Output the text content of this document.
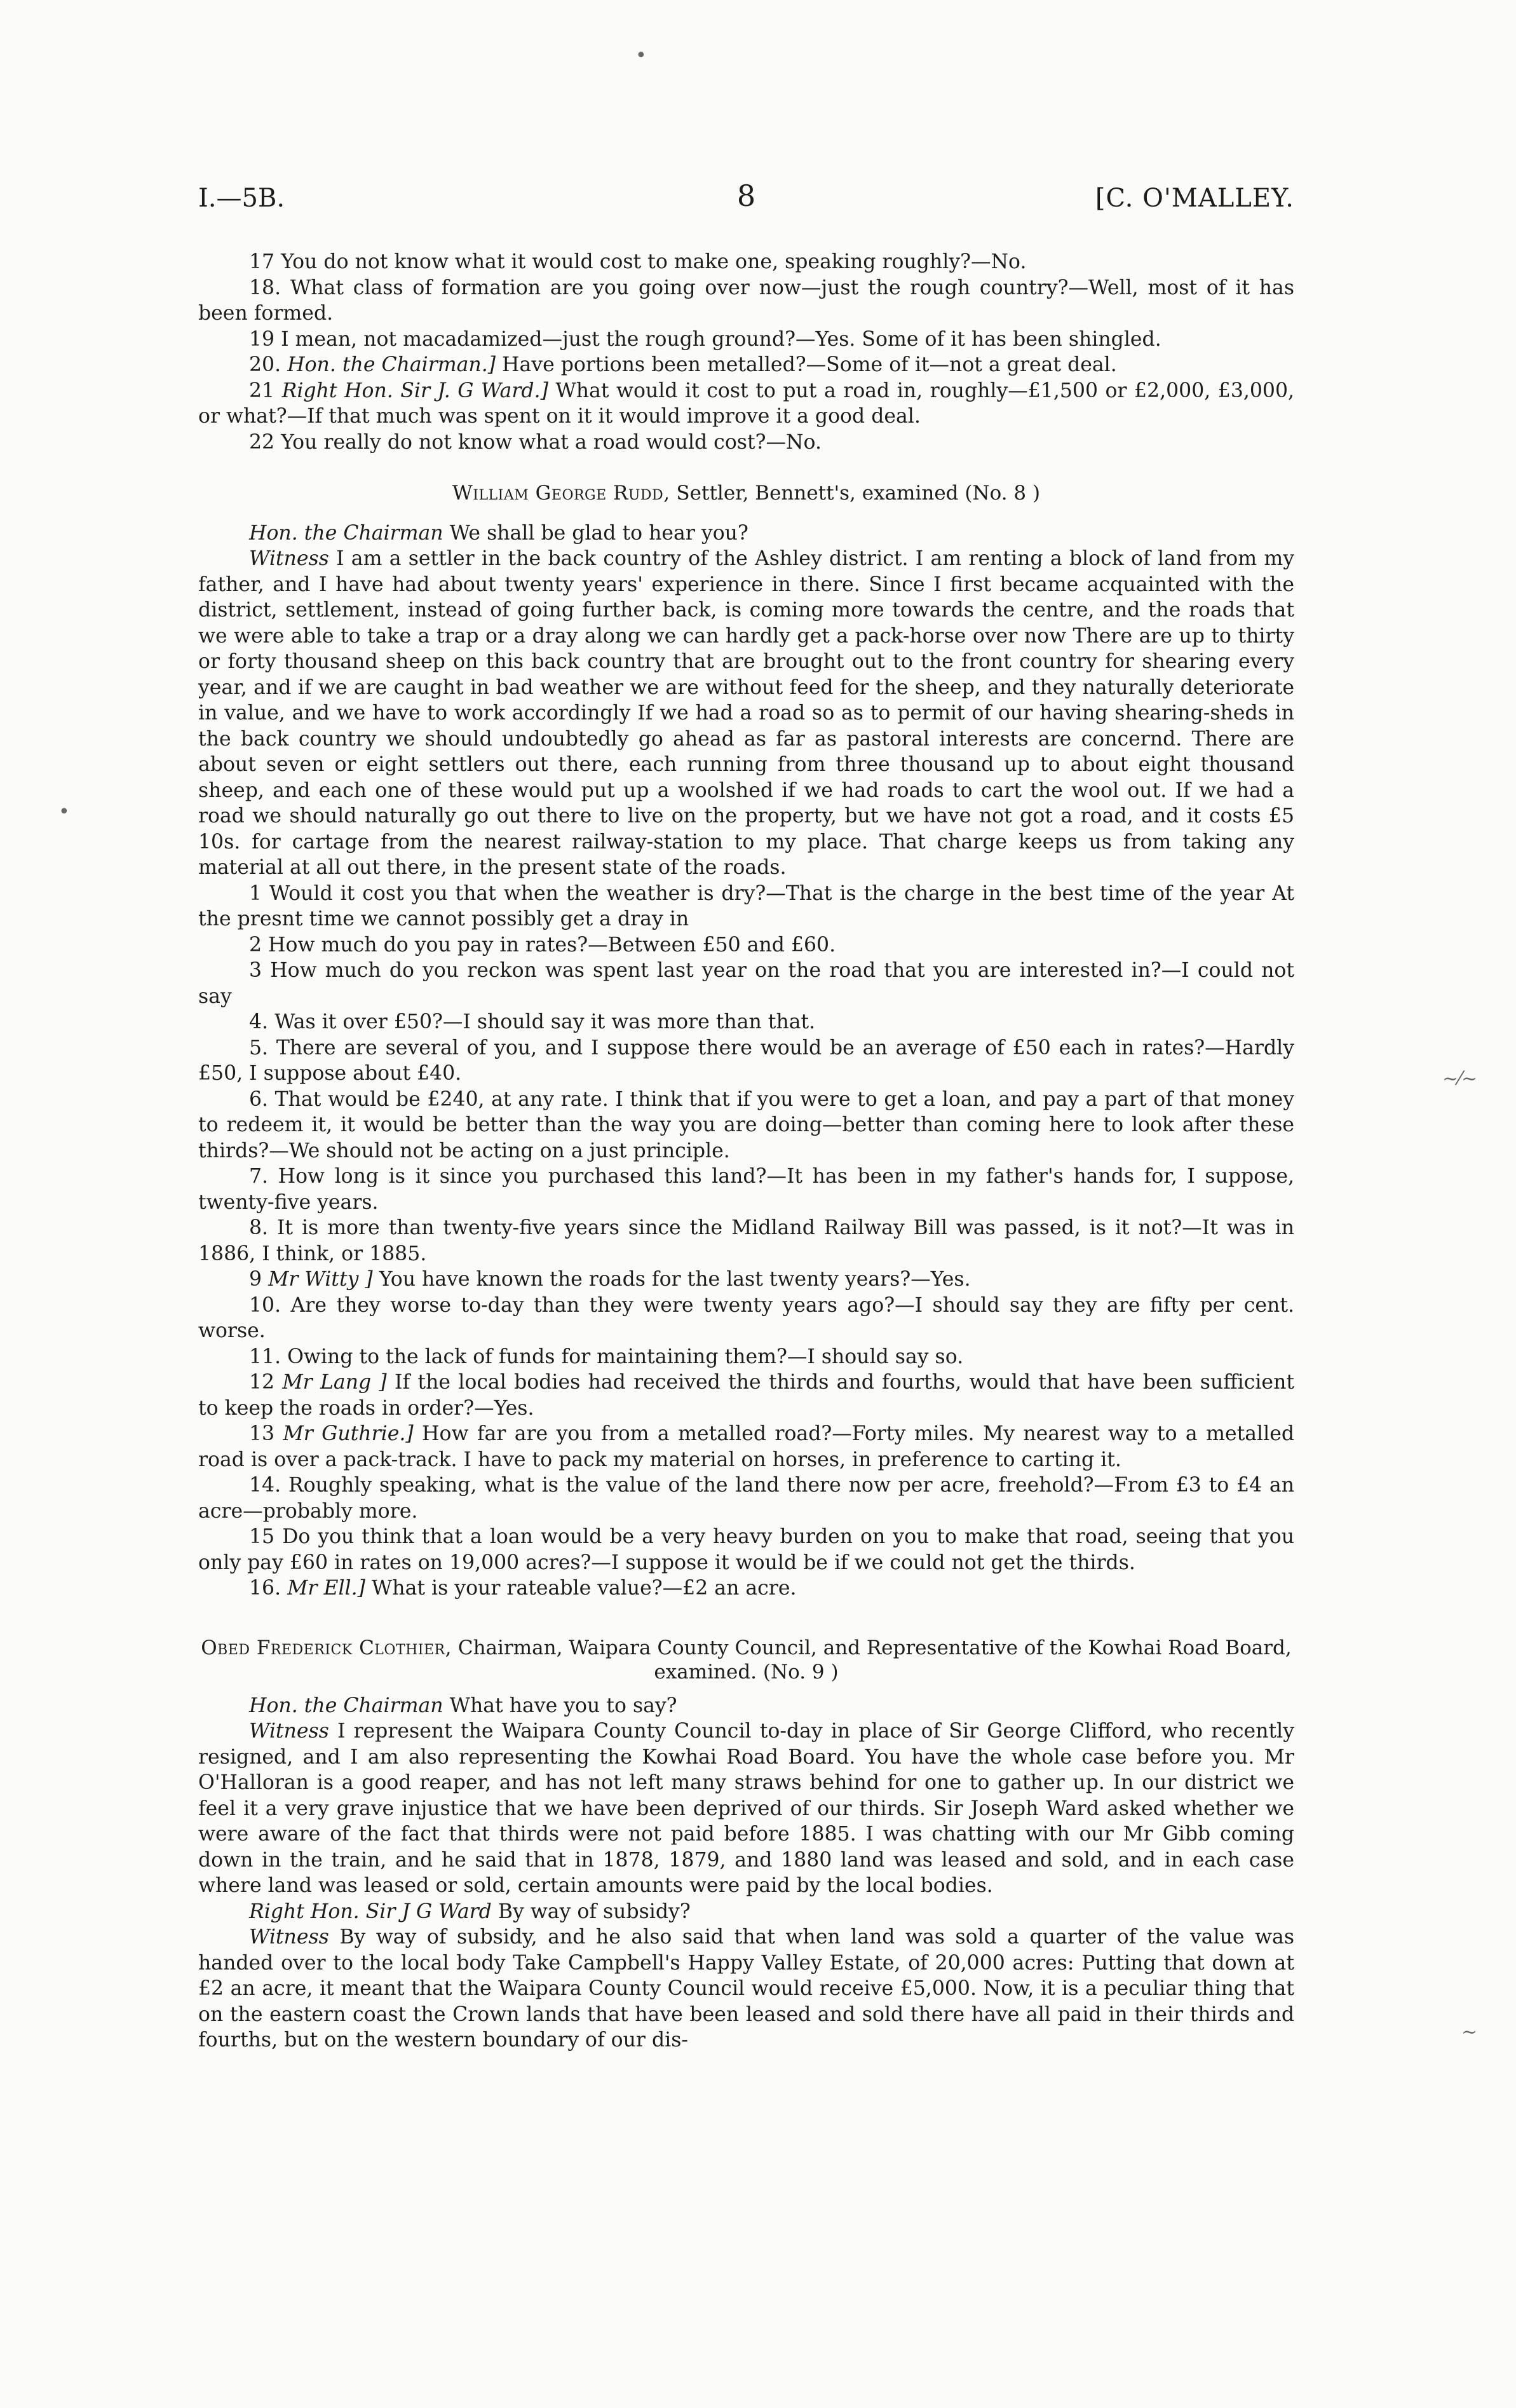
•
•
~⁄~
~
I.—5B.	8	[C. O'MALLEY.

17 You do not know what it would cost to make one, speaking roughly?—No.

18. What class of formation are you going over now—just the rough country?—Well, most of it has been formed.

19 I mean, not macadamized—just the rough ground?—Yes. Some of it has been shingled.

20. Hon. the Chairman.] Have portions been metalled?—Some of it—not a great deal.

21 Right Hon. Sir J. G Ward.] What would it cost to put a road in, roughly—£1,500 or £2,000, £3,000, or what?—If that much was spent on it it would improve it a good deal.

22 You really do not know what a road would cost?—No.

William George Rudd, Settler, Bennett's, examined (No. 8 )

Hon. the Chairman We shall be glad to hear you?

Witness I am a settler in the back country of the Ashley district. I am renting a block of land from my father, and I have had about twenty years' experience in there. Since I first became acquainted with the district, settlement, instead of going further back, is coming more towards the centre, and the roads that we were able to take a trap or a dray along we can hardly get a pack-horse over now There are up to thirty or forty thousand sheep on this back country that are brought out to the front country for shearing every year, and if we are caught in bad weather we are without feed for the sheep, and they naturally deteriorate in value, and we have to work accordingly If we had a road so as to permit of our having shearing-sheds in the back country we should undoubtedly go ahead as far as pastoral interests are concernd. There are about seven or eight settlers out there, each running from three thousand up to about eight thousand sheep, and each one of these would put up a woolshed if we had roads to cart the wool out. If we had a road we should naturally go out there to live on the property, but we have not got a road, and it costs £5 10s. for cartage from the nearest railway-station to my place. That charge keeps us from taking any material at all out there, in the present state of the roads.

1 Would it cost you that when the weather is dry?—That is the charge in the best time of the year At the presnt time we cannot possibly get a dray in

2 How much do you pay in rates?—Between £50 and £60.

3 How much do you reckon was spent last year on the road that you are interested in?—I could not say

4. Was it over £50?—I should say it was more than that.

5. There are several of you, and I suppose there would be an average of £50 each in rates?—Hardly £50, I suppose about £40.

6. That would be £240, at any rate. I think that if you were to get a loan, and pay a part of that money to redeem it, it would be better than the way you are doing—better than coming here to look after these thirds?—We should not be acting on a just principle.

7. How long is it since you purchased this land?—It has been in my father's hands for, I suppose, twenty-five years.

8. It is more than twenty-five years since the Midland Railway Bill was passed, is it not?—It was in 1886, I think, or 1885.

9 Mr Witty ] You have known the roads for the last twenty years?—Yes.

10. Are they worse to-day than they were twenty years ago?—I should say they are fifty per cent. worse.

11. Owing to the lack of funds for maintaining them?—I should say so.

12 Mr Lang ] If the local bodies had received the thirds and fourths, would that have been sufficient to keep the roads in order?—Yes.

13 Mr Guthrie.] How far are you from a metalled road?—Forty miles. My nearest way to a metalled road is over a pack-track. I have to pack my material on horses, in preference to carting it.

14. Roughly speaking, what is the value of the land there now per acre, freehold?—From £3 to £4 an acre—probably more.

15 Do you think that a loan would be a very heavy burden on you to make that road, seeing that you only pay £60 in rates on 19,000 acres?—I suppose it would be if we could not get the thirds.

16. Mr Ell.] What is your rateable value?—£2 an acre.

Obed Frederick Clothier, Chairman, Waipara County Council, and Representative of the Kowhai Road Board, examined. (No. 9 )

Hon. the Chairman What have you to say?

Witness I represent the Waipara County Council to-day in place of Sir George Clifford, who recently resigned, and I am also representing the Kowhai Road Board. You have the whole case before you. Mr O'Halloran is a good reaper, and has not left many straws behind for one to gather up. In our district we feel it a very grave injustice that we have been deprived of our thirds. Sir Joseph Ward asked whether we were aware of the fact that thirds were not paid before 1885. I was chatting with our Mr Gibb coming down in the train, and he said that in 1878, 1879, and 1880 land was leased and sold, and in each case where land was leased or sold, certain amounts were paid by the local bodies.

Right Hon. Sir J G Ward By way of subsidy?

Witness By way of subsidy, and he also said that when land was sold a quarter of the value was handed over to the local body Take Campbell's Happy Valley Estate, of 20,000 acres: Putting that down at £2 an acre, it meant that the Waipara County Council would receive £5,000. Now, it is a peculiar thing that on the eastern coast the Crown lands that have been leased and sold there have all paid in their thirds and fourths, but on the western boundary of our dis-
